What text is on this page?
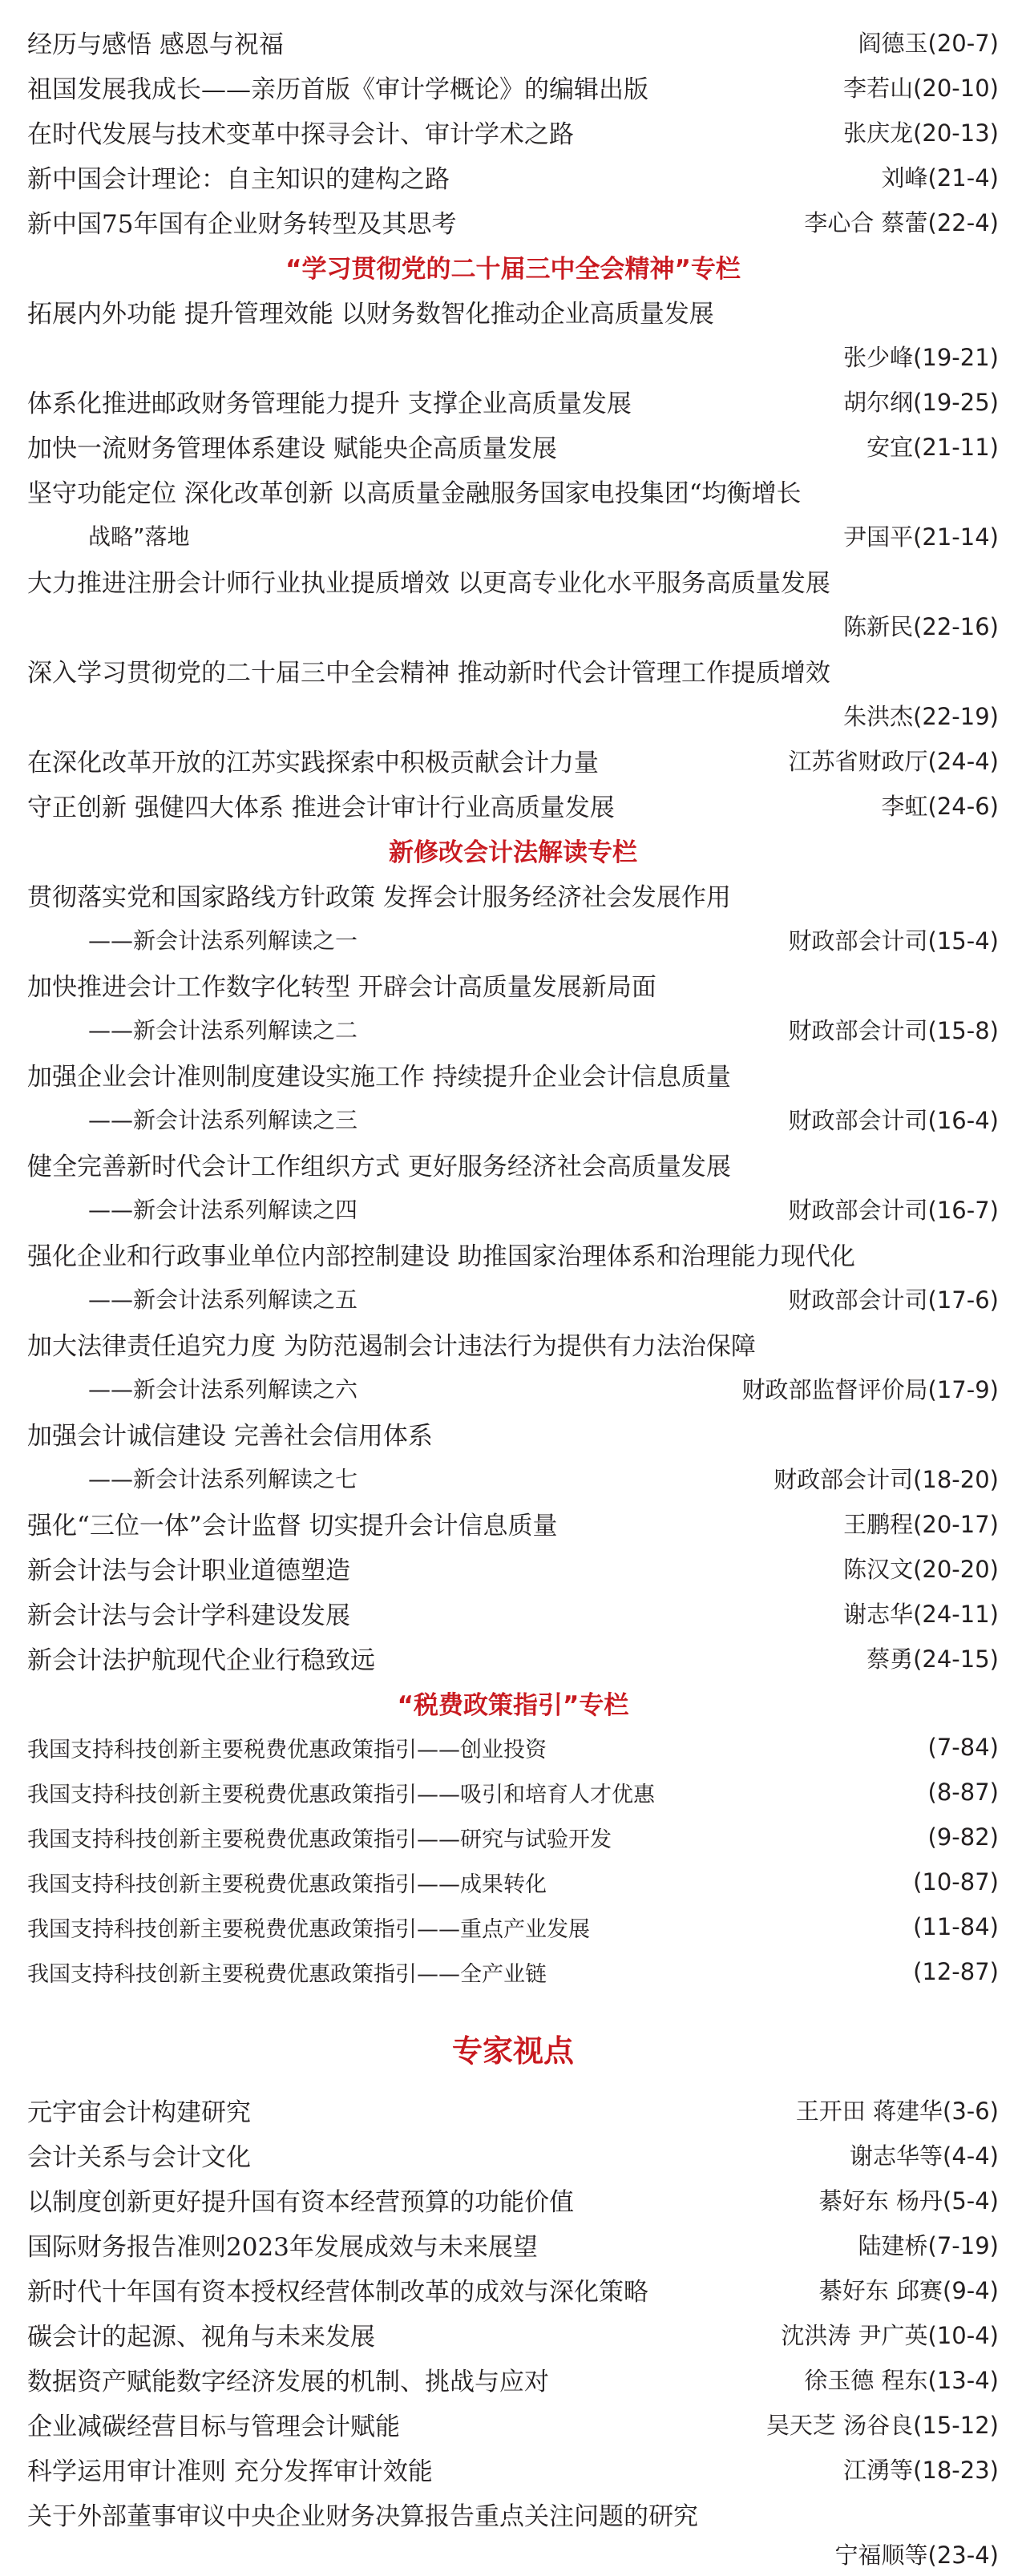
经历与感悟 感恩与祝福	阎德玉(20-7)
祖国发展我成长——亲历首版《审计学概论》的编辑出版	李若山(20-10)
在时代发展与技术变革中探寻会计、审计学术之路	张庆龙(20-13)
新中国会计理论：自主知识的建构之路	刘峰(21-4)
新中国75年国有企业财务转型及其思考	李心合 蔡蕾(22-4)
“学习贯彻党的二十届三中全会精神”专栏
拓展内外功能 提升管理效能 以财务数智化推动企业高质量发展
张少峰(19-21)
体系化推进邮政财务管理能力提升 支撑企业高质量发展	胡尔纲(19-25)
加快一流财务管理体系建设 赋能央企高质量发展	安宜(21-11)
坚守功能定位 深化改革创新 以高质量金融服务国家电投集团“均衡增长
战略”落地	尹国平(21-14)
大力推进注册会计师行业执业提质增效 以更高专业化水平服务高质量发展
陈新民(22-16)
深入学习贯彻党的二十届三中全会精神 推动新时代会计管理工作提质增效
朱洪杰(22-19)
在深化改革开放的江苏实践探索中积极贡献会计力量	江苏省财政厅(24-4)
守正创新 强健四大体系 推进会计审计行业高质量发展	李虹(24-6)
新修改会计法解读专栏
贯彻落实党和国家路线方针政策 发挥会计服务经济社会发展作用
——新会计法系列解读之一	财政部会计司(15-4)
加快推进会计工作数字化转型 开辟会计高质量发展新局面
——新会计法系列解读之二	财政部会计司(15-8)
加强企业会计准则制度建设实施工作 持续提升企业会计信息质量
——新会计法系列解读之三	财政部会计司(16-4)
健全完善新时代会计工作组织方式 更好服务经济社会高质量发展
——新会计法系列解读之四	财政部会计司(16-7)
强化企业和行政事业单位内部控制建设 助推国家治理体系和治理能力现代化
——新会计法系列解读之五	财政部会计司(17-6)
加大法律责任追究力度 为防范遏制会计违法行为提供有力法治保障
——新会计法系列解读之六	财政部监督评价局(17-9)
加强会计诚信建设 完善社会信用体系
——新会计法系列解读之七	财政部会计司(18-20)
强化“三位一体”会计监督 切实提升会计信息质量	王鹏程(20-17)
新会计法与会计职业道德塑造	陈汉文(20-20)
新会计法与会计学科建设发展	谢志华(24-11)
新会计法护航现代企业行稳致远	蔡勇(24-15)
“税费政策指引”专栏
我国支持科技创新主要税费优惠政策指引——创业投资	(7-84)
我国支持科技创新主要税费优惠政策指引——吸引和培育人才优惠	(8-87)
我国支持科技创新主要税费优惠政策指引——研究与试验开发	(9-82)
我国支持科技创新主要税费优惠政策指引——成果转化	(10-87)
我国支持科技创新主要税费优惠政策指引——重点产业发展	(11-84)
我国支持科技创新主要税费优惠政策指引——全产业链	(12-87)
专家视点
元宇宙会计构建研究	王开田 蒋建华(3-6)
会计关系与会计文化	谢志华等(4-4)
以制度创新更好提升国有资本经营预算的功能价值	綦好东 杨丹(5-4)
国际财务报告准则2023年发展成效与未来展望	陆建桥(7-19)
新时代十年国有资本授权经营体制改革的成效与深化策略	綦好东 邱赛(9-4)
碳会计的起源、视角与未来发展	沈洪涛 尹广英(10-4)
数据资产赋能数字经济发展的机制、挑战与应对	徐玉德 程东(13-4)
企业减碳经营目标与管理会计赋能	吴天芝 汤谷良(15-12)
科学运用审计准则 充分发挥审计效能	江湧等(18-23)
关于外部董事审议中央企业财务决算报告重点关注问题的研究
宁福顺等(23-4)
